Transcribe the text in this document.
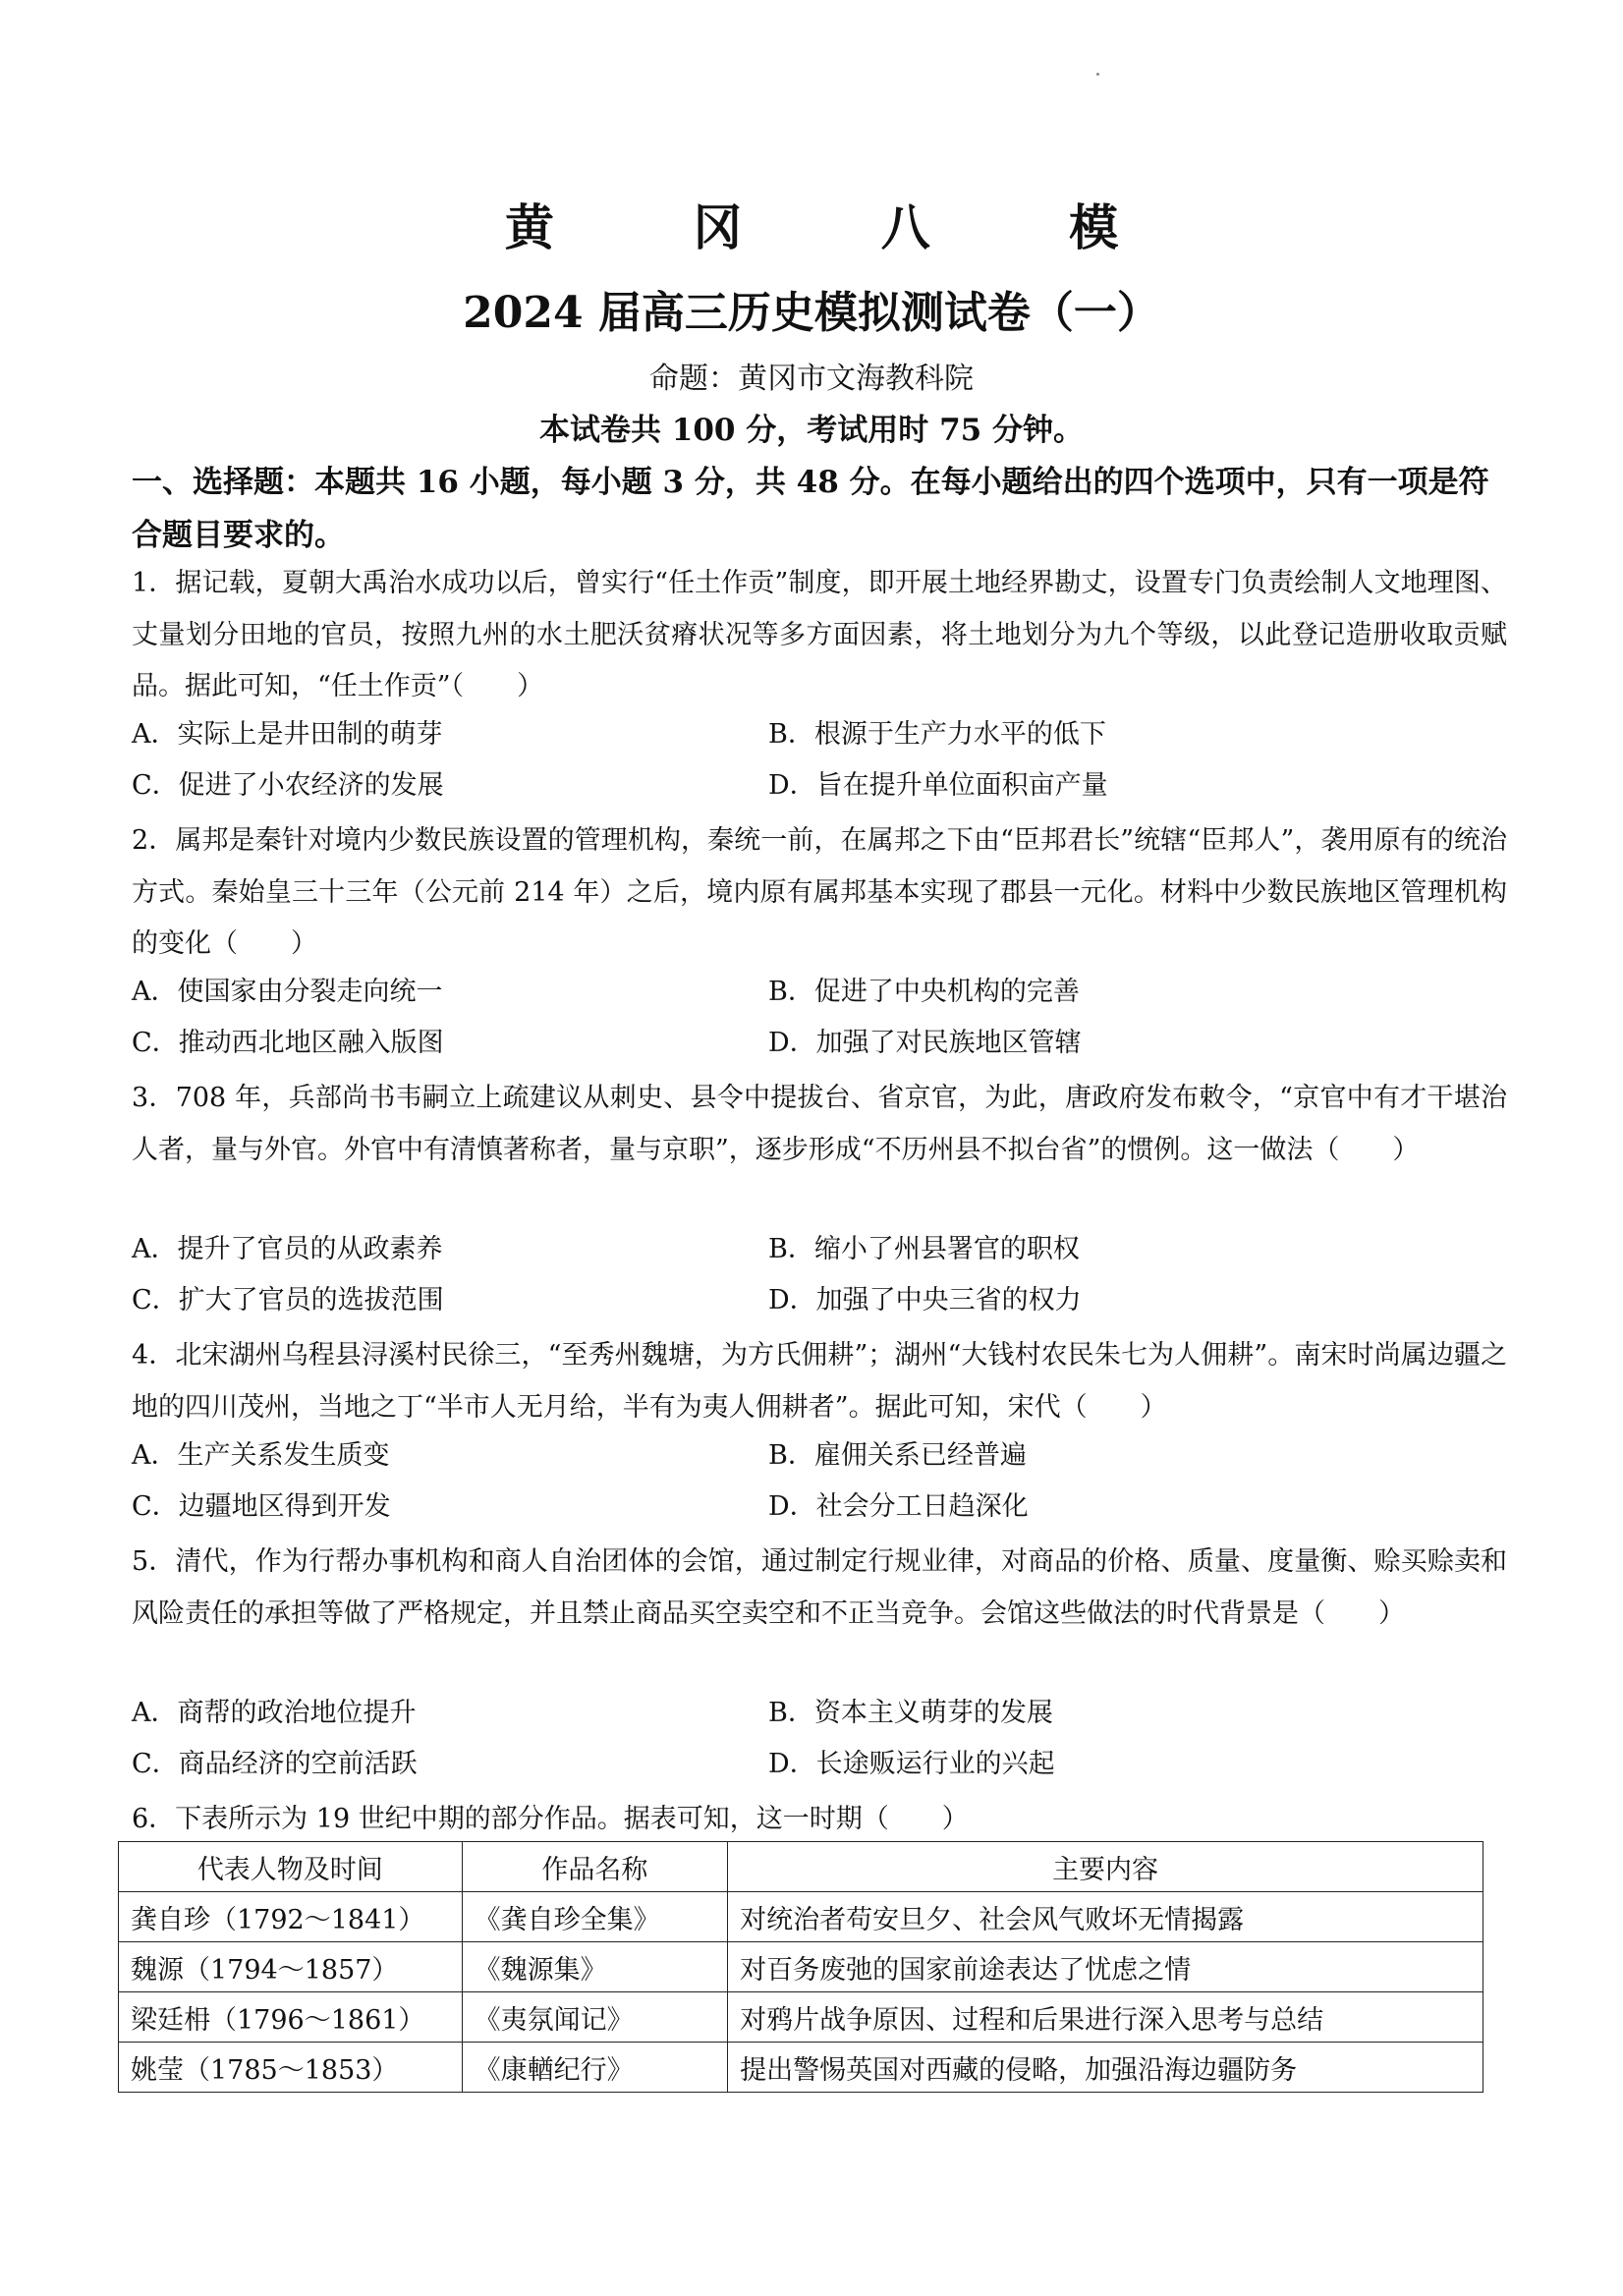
黄 冈 八 模
2024 届高三历史模拟测试卷（一）
命题：黄冈市文海教科院
本试卷共 100 分，考试用时 75 分钟。
一、选择题：本题共 16 小题，每小题 3 分，共 48 分。在每小题给出的四个选项中，只有一项是符合题目要求的。
1．据记载，夏朝大禹治水成功以后，曾实行“任土作贡”制度，即开展土地经界勘丈，设置专门负责绘制人文地理图、丈量划分田地的官员，按照九州的水土肥沃贫瘠状况等多方面因素，将土地划分为九个等级，以此登记造册收取贡赋品。据此可知，“任土作贡”（　　）
A．实际上是井田制的萌芽	B．根源于生产力水平的低下
C．促进了小农经济的发展	D．旨在提升单位面积亩产量
2．属邦是秦针对境内少数民族设置的管理机构，秦统一前，在属邦之下由“臣邦君长”统辖“臣邦人”，袭用原有的统治方式。秦始皇三十三年（公元前 214 年）之后，境内原有属邦基本实现了郡县一元化。材料中少数民族地区管理机构的变化（　　）
A．使国家由分裂走向统一	B．促进了中央机构的完善
C．推动西北地区融入版图	D．加强了对民族地区管辖
3．708 年，兵部尚书韦嗣立上疏建议从刺史、县令中提拔台、省京官，为此，唐政府发布敕令，“京官中有才干堪治人者，量与外官。外官中有清慎著称者，量与京职”，逐步形成“不历州县不拟台省”的惯例。这一做法（　　）
A．提升了官员的从政素养	B．缩小了州县署官的职权
C．扩大了官员的选拔范围	D．加强了中央三省的权力
4．北宋湖州乌程县浔溪村民徐三，“至秀州魏塘，为方氏佣耕”；湖州“大钱村农民朱七为人佣耕”。南宋时尚属边疆之地的四川茂州，当地之丁“半市人无月给，半有为夷人佣耕者”。据此可知，宋代（　　）
A．生产关系发生质变	B．雇佣关系已经普遍
C．边疆地区得到开发	D．社会分工日趋深化
5．清代，作为行帮办事机构和商人自治团体的会馆，通过制定行规业律，对商品的价格、质量、度量衡、赊买赊卖和风险责任的承担等做了严格规定，并且禁止商品买空卖空和不正当竞争。会馆这些做法的时代背景是（　　）
A．商帮的政治地位提升	B．资本主义萌芽的发展
C．商品经济的空前活跃	D．长途贩运行业的兴起
6．下表所示为 19 世纪中期的部分作品。据表可知，这一时期（　　）
代表人物及时间	作品名称	主要内容
龚自珍（1792～1841）	《龚自珍全集》	对统治者苟安旦夕、社会风气败坏无情揭露
魏源（1794～1857）	《魏源集》	对百务废弛的国家前途表达了忧虑之情
梁廷枏（1796～1861）	《夷氛闻记》	对鸦片战争原因、过程和后果进行深入思考与总结
姚莹（1785～1853）	《康輶纪行》	提出警惕英国对西藏的侵略，加强沿海边疆防务
